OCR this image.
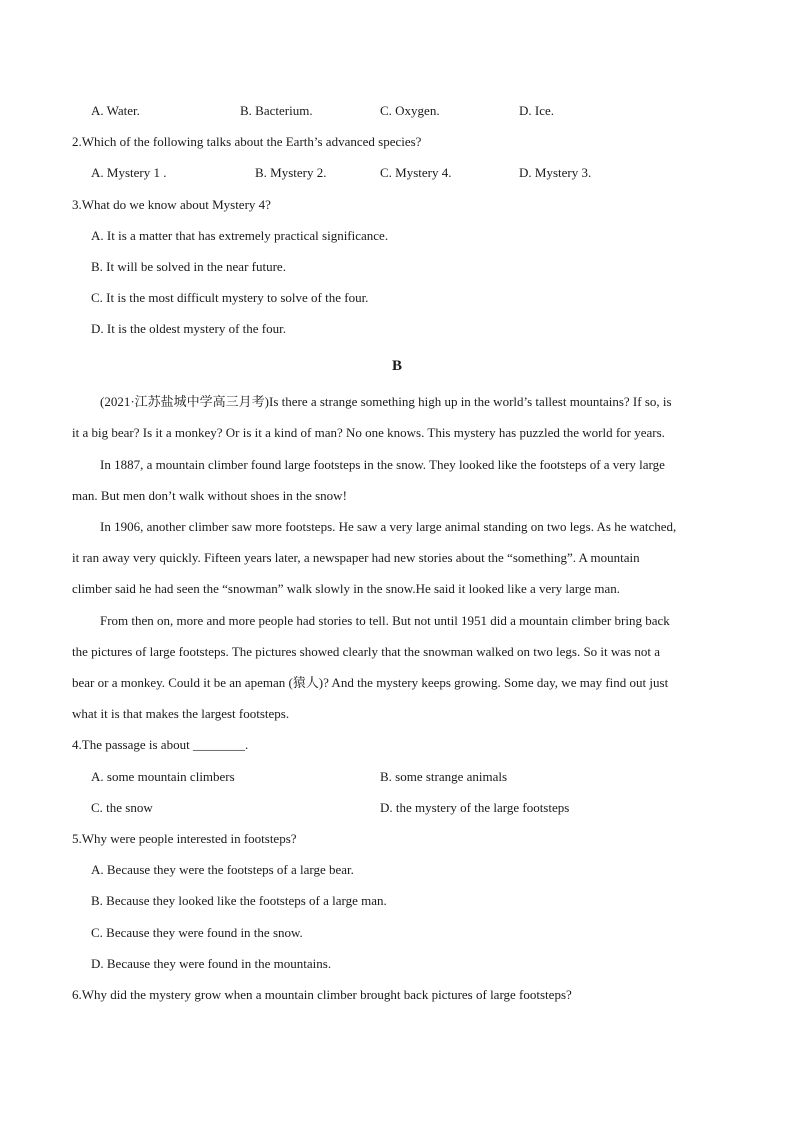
A. Water.	B. Bacterium.	C. Oxygen.	D. Ice.
2.Which of the following talks about the Earth’s advanced species?
A. Mystery 1 .	B. Mystery 2.	C. Mystery 4.	D. Mystery 3.
3.What do we know about Mystery 4?
A. It is a matter that has extremely practical significance.
B. It will be solved in the near future.
C. It is the most difficult mystery to solve of the four.
D. It is the oldest mystery of the four.
B
(2021·江苏盐城中学高三月考)Is there a strange something high up in the world’s tallest mountains? If so, is
it a big bear? Is it a monkey? Or is it a kind of man? No one knows. This mystery has puzzled the world for years.
In 1887, a mountain climber found large footsteps in the snow. They looked like the footsteps of a very large
man. But men don’t walk without shoes in the snow!
In 1906, another climber saw more footsteps. He saw a very large animal standing on two legs. As he watched,
it ran away very quickly. Fifteen years later, a newspaper had new stories about the “something”. A mountain
climber said he had seen the “snowman” walk slowly in the snow.He said it looked like a very large man.
From then on, more and more people had stories to tell. But not until 1951 did a mountain climber bring back
the pictures of large footsteps. The pictures showed clearly that the snowman walked on two legs. So it was not a
bear or a monkey. Could it be an apeman (猿人)? And the mystery keeps growing. Some day, we may find out just
what it is that makes the largest footsteps.
4.The passage is about ________.
A. some mountain climbers	B. some strange animals
C. the snow	D. the mystery of the large footsteps
5.Why were people interested in footsteps?
A. Because they were the footsteps of a large bear.
B. Because they looked like the footsteps of a large man.
C. Because they were found in the snow.
D. Because they were found in the mountains.
6.Why did the mystery grow when a mountain climber brought back pictures of large footsteps?
